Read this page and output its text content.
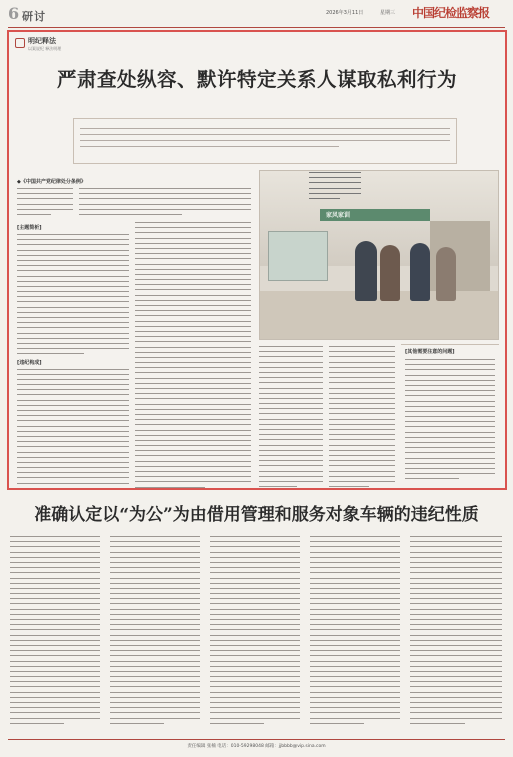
6 研讨	2026年3月11日	星期三 中国纪检监察报
明纪释法
以案说纪 释法明理
严肃查处纵容、默许特定关系人谋取私利行为

◆《中国共产党纪律处分条例》
[主题简析]
[违纪构成]
家风家训
[其他需要注意的问题]
准确认定以“为公”为由借用管理和服务对象车辆的违纪性质

责任编辑 张楠 电话：010-59298048 邮箱：jjbbbb@vip.sina.com
